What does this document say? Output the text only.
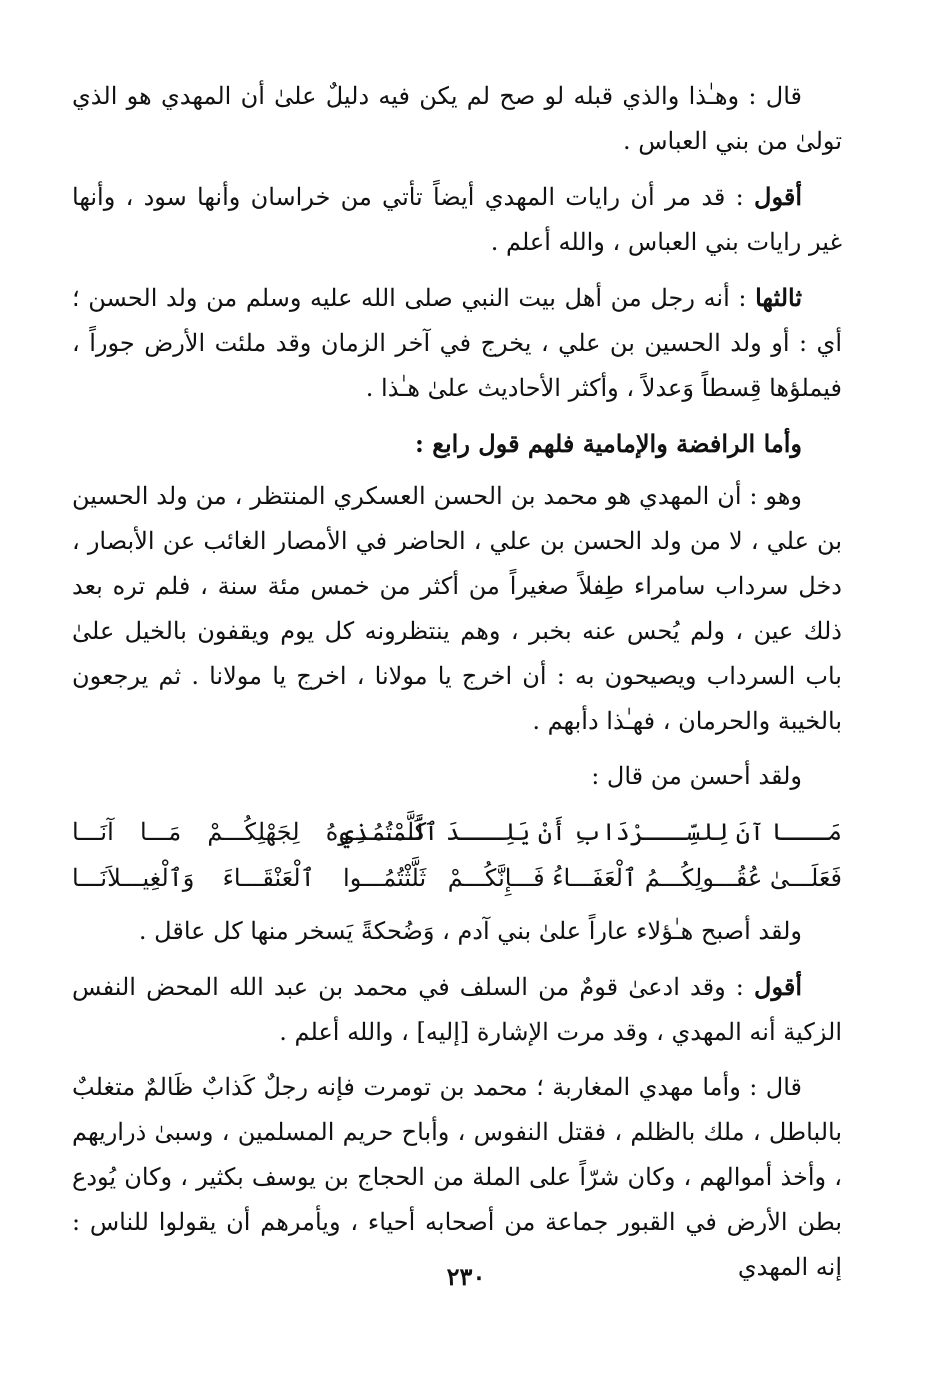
قال : وهـٰذا والذي قبله لو صح لم يكن فيه دليلٌ علىٰ أن المهدي هو الذي تولىٰ من بني العباس .

أقول : قد مر أن رايات المهدي أيضاً تأتي من خراسان وأنها سود ، وأنها غير رايات بني العباس ، والله أعلم .

ثالثها : أنه رجل من أهل بيت النبي صلى الله عليه وسلم من ولد الحسن ؛ أي : أو ولد الحسين بن علي ، يخرج في آخر الزمان وقد ملئت الأرض جوراً ، فيملؤها قِسطاً وَعدلاً ، وأكثر الأحاديث علىٰ هـٰذا .

وأما الرافضة والإمامية فلهم قول رابع :

وهو : أن المهدي هو محمد بن الحسن العسكري المنتظر ، من ولد الحسين بن علي ، لا من ولد الحسن بن علي ، الحاضر في الأمصار الغائب عن الأبصار ، دخل سرداب سامراء طِفلاً صغيراً من أكثر من خمس مئة سنة ، فلم تره بعد ذلك عين ، ولم يُحس عنه بخبر ، وهم ينتظرونه كل يوم ويقفون بالخيل علىٰ باب السرداب ويصيحون به : أن اخرج يا مولانا ، اخرج يا مولانا . ثم يرجعون بالخيبة والحرمان ، فهـٰذا دأبهم .

ولقد أحسن من قال :

مَـــا آنَ لِلسِّـــرْدَابِ أَنْ يَلِـــدَ ٱلَّـــذِي
كَلَّمْتُمُـــوهُ لِجَهْلِكُـــمْ مَـــا آنَـــا
فَعَلَـــىٰ عُقُـــولِكُـــمُ ٱلْعَفَـــاءُ فَـــإِنَّكُـــمْ
ثَلَّثْتُمُـــوا ٱلْعَنْقَـــاءَ وَٱلْغِيـــلاَنَـــا

ولقد أصبح هـٰؤلاء عاراً علىٰ بني آدم ، وَضُحكةً يَسخر منها كل عاقل .

أقول : وقد ادعىٰ قومٌ من السلف في محمد بن عبد الله المحض النفس الزكية أنه المهدي ، وقد مرت الإشارة [إليه] ، والله أعلم .

قال : وأما مهدي المغاربة ؛ محمد بن تومرت فإنه رجلٌ كَذابٌ ظَالمٌ متغلبٌ بالباطل ، ملك بالظلم ، فقتل النفوس ، وأباح حريم المسلمين ، وسبىٰ ذراريهم ، وأخذ أموالهم ، وكان شرّاً على الملة من الحجاج بن يوسف بكثير ، وكان يُودع بطن الأرض في القبور جماعة من أصحابه أحياء ، ويأمرهم أن يقولوا للناس : إنه المهدي

٢٣٠
